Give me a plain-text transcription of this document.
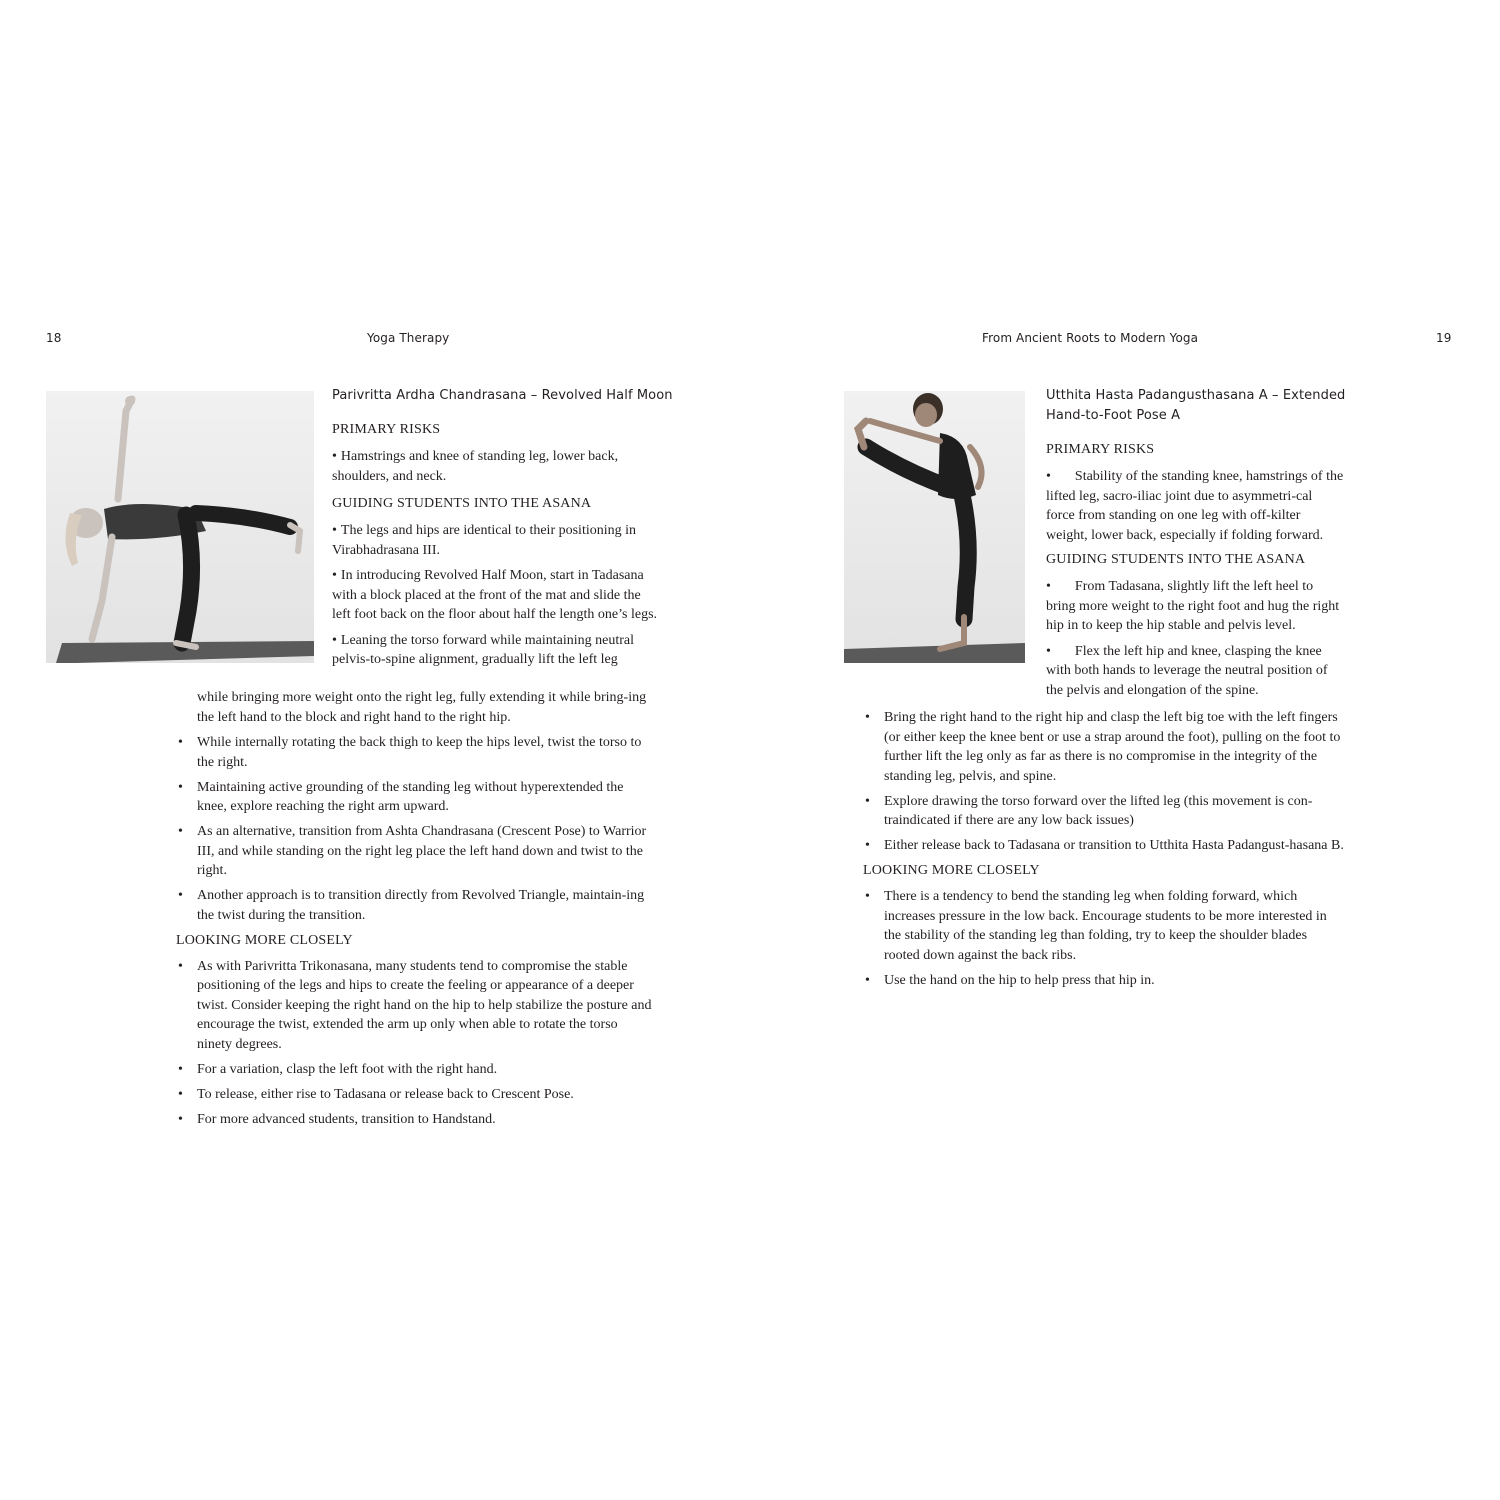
18	Yoga Therapy
Parivritta Ardha Chandrasana – Revolved Half Moon

PRIMARY RISKS

• Hamstrings and knee of standing leg, lower back, shoulders, and neck.

GUIDING STUDENTS INTO THE ASANA

• The legs and hips are identical to their positioning in Virabhadrasana III.

• In introducing Revolved Half Moon, start in Tadasana with a block placed at the front of the mat and slide the left foot back on the floor about half the length one’s legs.

• Leaning the torso forward while maintaining neutral pelvis-to-spine alignment, gradually lift the left leg

while bringing more weight onto the right leg, fully extending it while bring-ing the left hand to the block and right hand to the right hip.

• While internally rotating the back thigh to keep the hips level, twist the torso to the right.
• Maintaining active grounding of the standing leg without hyperextended the knee, explore reaching the right arm upward.
• As an alternative, transition from Ashta Chandrasana (Crescent Pose) to Warrior III, and while standing on the right leg place the left hand down and twist to the right.
• Another approach is to transition directly from Revolved Triangle, maintain-ing the twist during the transition.

LOOKING MORE CLOSELY

• As with Parivritta Trikonasana, many students tend to compromise the stable positioning of the legs and hips to create the feeling or appearance of a deeper twist. Consider keeping the right hand on the hip to help stabilize the posture and encourage the twist, extended the arm up only when able to rotate the torso ninety degrees.
• For a variation, clasp the left foot with the right hand.
• To release, either rise to Tadasana or release back to Crescent Pose.
• For more advanced students, transition to Handstand.
From Ancient Roots to Modern Yoga	19
Utthita Hasta Padangusthasana A – Extended
Hand-to-Foot Pose A

PRIMARY RISKS

• Stability of the standing knee, hamstrings of the lifted leg, sacro-iliac joint due to asymmetri-cal force from standing on one leg with off-kilter weight, lower back, especially if folding forward.

GUIDING STUDENTS INTO THE ASANA

• From Tadasana, slightly lift the left heel to bring more weight to the right foot and hug the right hip in to keep the hip stable and pelvis level.

• Flex the left hip and knee, clasping the knee with both hands to leverage the neutral position of the pelvis and elongation of the spine.

• Bring the right hand to the right hip and clasp the left big toe with the left fingers (or either keep the knee bent or use a strap around the foot), pulling on the foot to further lift the leg only as far as there is no compromise in the integrity of the standing leg, pelvis, and spine.
• Explore drawing the torso forward over the lifted leg (this movement is con-traindicated if there are any low back issues)
• Either release back to Tadasana or transition to Utthita Hasta Padangust-hasana B.

LOOKING MORE CLOSELY

• There is a tendency to bend the standing leg when folding forward, which increases pressure in the low back. Encourage students to be more interested in the stability of the standing leg than folding, try to keep the shoulder blades rooted down against the back ribs.
• Use the hand on the hip to help press that hip in.
